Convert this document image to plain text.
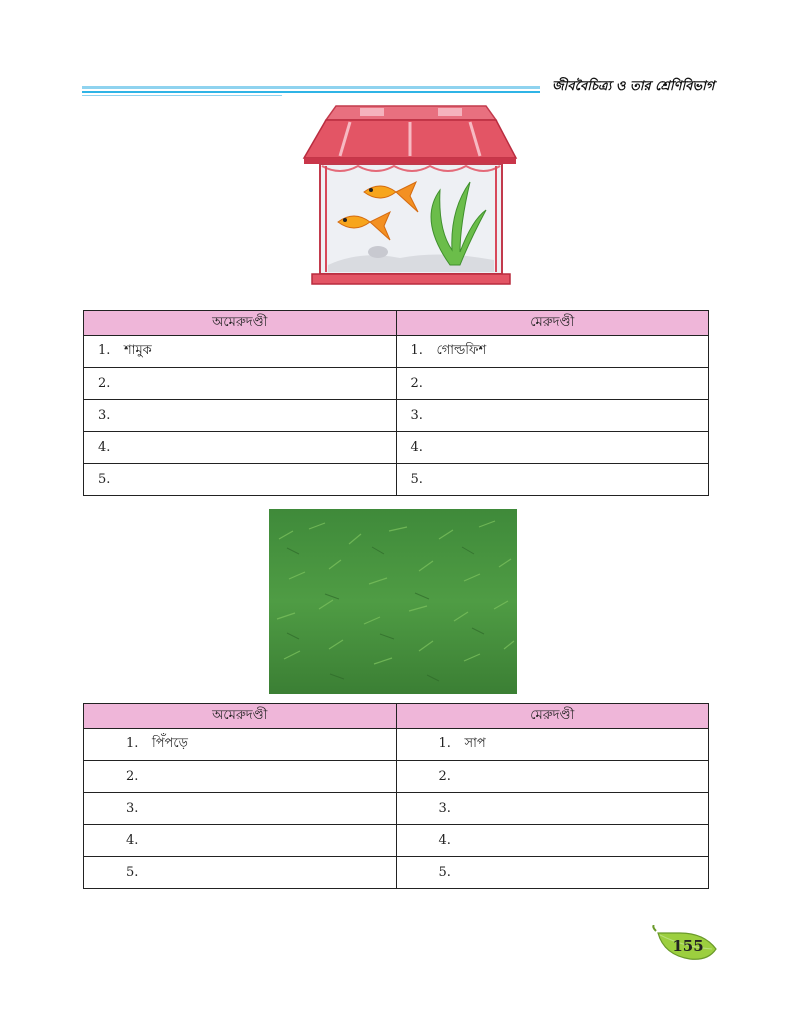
জীববৈচিত্র্য ও তার শ্রেণিবিভাগ
অমেরুদণ্ডী	মেরুদণ্ডী
1. শামুক	1. গোল্ডফিশ
2.	2.
3.	3.
4.	4.
5.	5.
অমেরুদণ্ডী	মেরুদণ্ডী
1. পিঁপড়ে	1. সাপ
2.	2.
3.	3.
4.	4.
5.	5.
155
